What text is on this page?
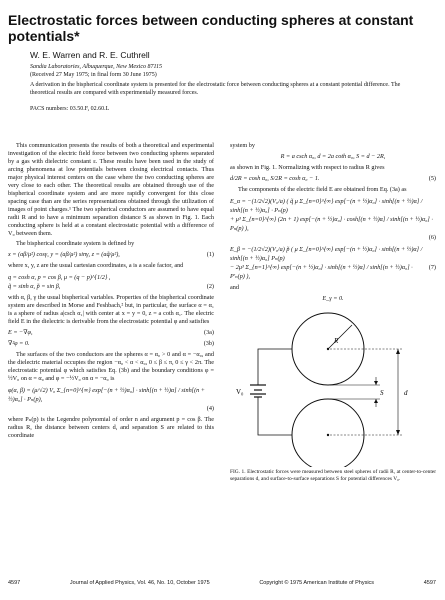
Electrostatic forces between conducting spheres at constant potentials*
W. E. Warren and R. E. Cuthrell
Sandia Laboratories, Albuquerque, New Mexico 87115
(Received 27 May 1975; in final form 30 June 1975)
A derivation in the bispherical coordinate system is presented for the electrostatic force between conducting spheres at a constant potential difference. The theoretical results are compared with experimentally measured forces.
PACS numbers: 03.50.F, 02.60.L

This communication presents the results of both a theoretical and experimental investigation of the electric field force between two conducting spheres separated by a gas with dielectric constant ε. These results have been used in the study of arcing phenomena at low potentials between closing electrical contacts. Thus major physical interest centers on the case where the two conducting spheres are very close to each other. The theoretical results are obtained through use of the bispherical coordinate system and are more rapidly convergent for this close spacing case than are the series representations obtained through the utilization of images of point charges.¹ The two spherical conductors are assumed to have equal radii R and to have a minimum separation distance S as shown in Fig. 1. Each conducting sphere is held at a constant electrostatic potential with a difference of V₀ between them.

The bispherical coordinate system is defined by

x = (aβ/μ²) cosγ, y = (aβ/μ²) sinγ, z = (aq̃/μ²),	(1)

where x, y, z are the usual cartesian coordinates, a is a scale factor, and

q = cosh α, p = cos β, μ = (q − p)^{1/2} ,
q̃ = sinh α, p̃ = sin β,	(2)

with α, β, γ the usual bispherical variables. Properties of the bispherical coordinate system are described in Morse and Feshbach,² but, in particular, the surface α = α₁ is a sphere of radius a|csch α₁| with center at x = y = 0, z = a coth α₁. The electric field E in the dielectric is derivable from the electrostatic potential φ and satisfies

E = −∇φ,	(3a)
∇²φ = 0.	(3b)

The surfaces of the two conductors are the spheres α = α₀ > 0 and α = −α₀, and the dielectric material occupies the region −α₀ < α < α₀, 0 ≤ β ≤ π, 0 ≤ γ < 2π. The electrostatic potential φ which satisfies Eq. (3b) and the boundary conditions φ = ½V₀ on α = α₀ and φ = −½V₀ on α = −α₀ is

φ(α, β) = (μ/√2) V₀ Σ_{n=0}^{∞} exp[−(n + ½)α₀] · sinh[(n + ½)α] / sinh[(n + ½)α₀] · Pₙ(p),
(4)

where Pₙ(p) is the Legendre polynomial of order n and argument p = cos β. The radius R, the distance between centers d, and separation S are related to this coordinate

system by

R = a csch α₀, d = 2a coth α₀, S = d − 2R,

as shown in Fig. 1. Normalizing with respect to radius R gives

d/2R = cosh α₀, S/2R = cosh α₀ − 1.	(5)

The components of the electric field E are obtained from Eq. (3a) as

E_α = −(1/2√2)(V₀/a) ( q̃ μ Σ_{n=0}^{∞} exp[−(n + ½)α₀] · sinh[(n + ½)α] / sinh[(n + ½)α₀] · Pₙ(p)
+ μ³ Σ_{n=0}^{∞} (2n + 1) exp[−(n + ½)α₀] · cosh[(n + ½)α] / sinh[(n + ½)α₀] · Pₙ(p) ),
(6)
E_β = −(1/2√2)(V₀/a) p̃ ( μ Σ_{n=0}^{∞} exp[−(n + ½)α₀] · sinh[(n + ½)α] / sinh[(n + ½)α₀] Pₙ(p)
− 2μ³ Σ_{n=1}^{∞} exp[−(n + ½)α₀] · sinh[(n + ½)α] / sinh[(n + ½)α₀] · P′ₙ(p) ),
(7)

and

E_γ = 0.
V₀
R
S	d
FIG. 1. Electrostatic forces were measured between steel spheres of radii R, at center-to-center separations d, and surface-to-surface separations S for potential differences V₀.
4597	Journal of Applied Physics, Vol. 46, No. 10, October 1975	Copyright © 1975 American Institute of Physics	4597
